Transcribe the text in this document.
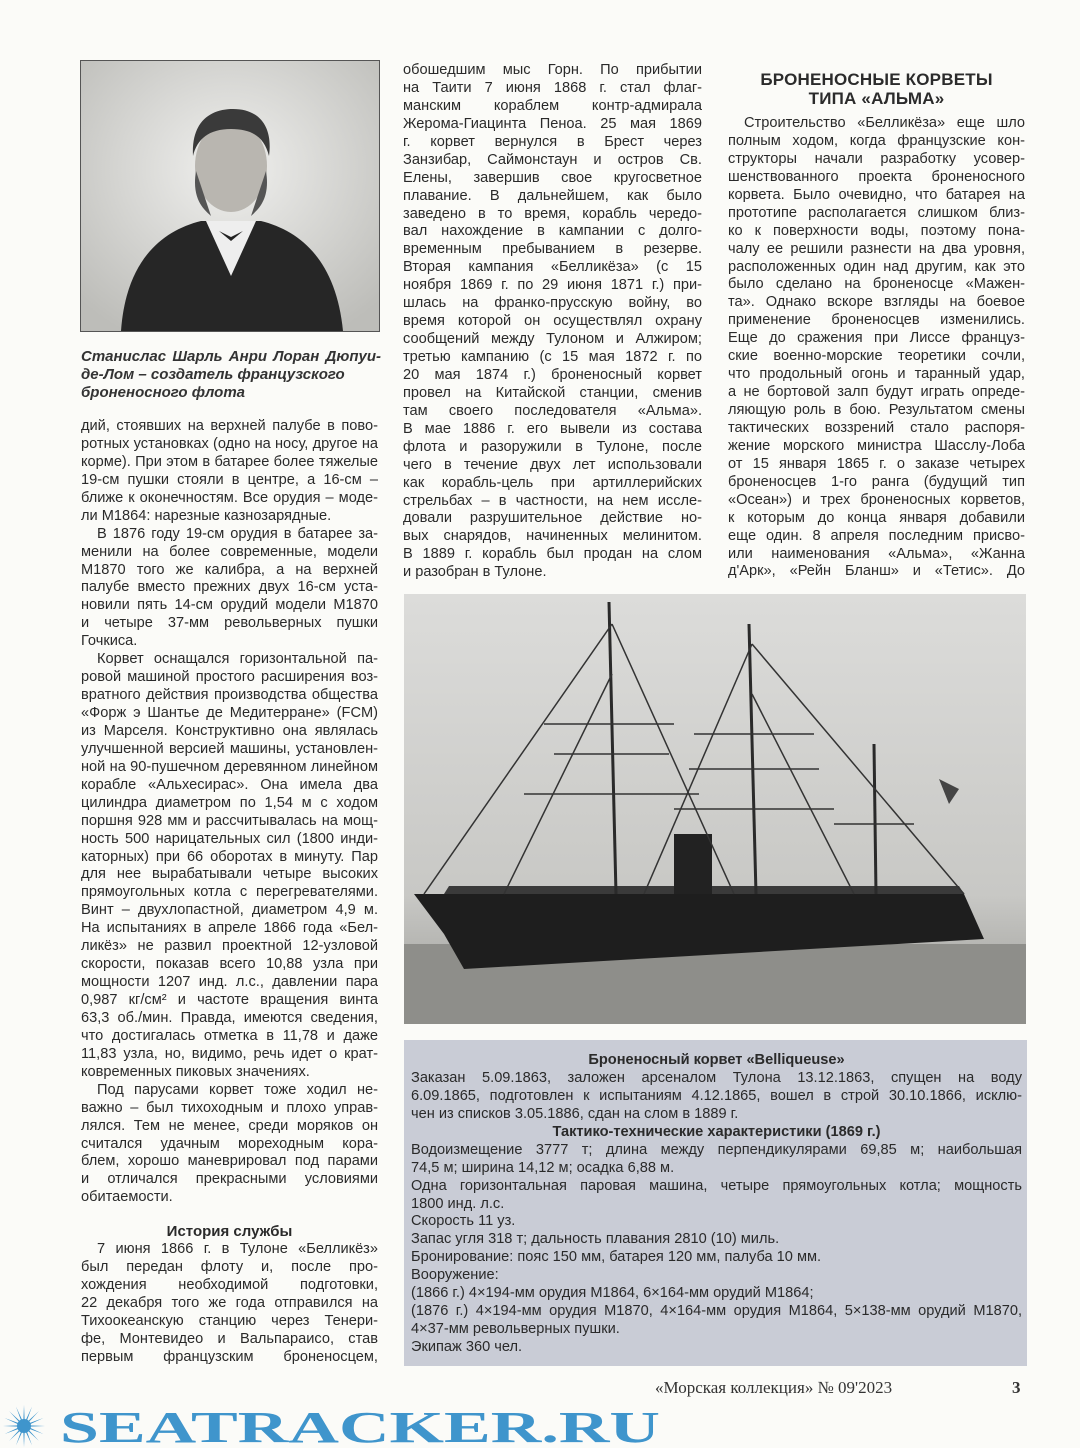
Станислас Шарль Анри Лоран Дюпуи-
де-Лом – создатель французского
броненосного флота
дий, стоявших на верхней палубе в пово-
ротных установках (одно на носу, другое на
корме). При этом в батарее более тяжелые
19-см пушки стояли в центре, а 16-см –
ближе к оконечностям. Все орудия – моде-
ли M1864: нарезные казнозарядные.
В 1876 году 19-см орудия в батарее за-
менили на более современные, модели
M1870 того же калибра, а на верхней
палубе вместо прежних двух 16-см уста-
новили пять 14-см орудий модели M1870
и четыре 37-мм револьверных пушки
Гочкиса.
Корвет оснащался горизонтальной па-
ровой машиной простого расширения воз-
вратного действия производства общества
«Форж э Шантье де Медитерране» (FCM)
из Марселя. Конструктивно она являлась
улучшенной версией машины, установлен-
ной на 90-пушечном деревянном линейном
корабле «Альхесирас». Она имела два
цилиндра диаметром по 1,54 м с ходом
поршня 928 мм и рассчитывалась на мощ-
ность 500 нарицательных сил (1800 инди-
каторных) при 66 оборотах в минуту. Пар
для нее вырабатывали четыре высоких
прямоугольных котла с перегревателями.
Винт – двухлопастной, диаметром 4,9 м.
На испытаниях в апреле 1866 года «Бел-
ликёз» не развил проектной 12-узловой
скорости, показав всего 10,88 узла при
мощности 1207 инд. л.с., давлении пара
0,987 кг/см² и частоте вращения винта
63,3 об./мин. Правда, имеются сведения,
что достигалась отметка в 11,78 и даже
11,83 узла, но, видимо, речь идет о крат-
ковременных пиковых значениях.
Под парусами корвет тоже ходил не-
важно – был тихоходным и плохо управ-
лялся. Тем не менее, среди моряков он
считался удачным мореходным кора-
блем, хорошо маневрировал под парами
и отличался прекрасными условиями
обитаемости.
История службы
7 июня 1866 г. в Тулоне «Белликёз»
был передан флоту и, после про-
хождения необходимой подготовки,
22 декабря того же года отправился на
Тихоокеанскую станцию через Тенери-
фе, Монтевидео и Вальпараисо, став
первым французским броненосцем,
обошедшим мыс Горн. По прибытии
на Таити 7 июня 1868 г. стал флаг-
манским кораблем контр-адмирала
Жерома-Гиацинта Пеноа. 25 мая 1869
г. корвет вернулся в Брест через
Занзибар, Саймонстаун и остров Св.
Елены, завершив свое кругосветное
плавание. В дальнейшем, как было
заведено в то время, корабль чередо-
вал нахождение в кампании с долго-
временным пребыванием в резерве.
Вторая кампания «Белликёза» (с 15
ноября 1869 г. по 29 июня 1871 г.) при-
шлась на франко-прусскую войну, во
время которой он осуществлял охрану
сообщений между Тулоном и Алжиром;
третью кампанию (с 15 мая 1872 г. по
20 мая 1874 г.) броненосный корвет
провел на Китайской станции, сменив
там своего последователя «Альма».
В мае 1886 г. его вывели из состава
флота и разоружили в Тулоне, после
чего в течение двух лет использовали
как корабль-цель при артиллерийских
стрельбах – в частности, на нем иссле-
довали разрушительное действие но-
вых снарядов, начиненных мелинитом.
В 1889 г. корабль был продан на слом
и разобран в Тулоне.
БРОНЕНОСНЫЕ КОРВЕТЫ
ТИПА «АЛЬМА»
Строительство «Белликёза» еще шло
полным ходом, когда французские кон-
структоры начали разработку усовер-
шенствованного проекта броненосного
корвета. Было очевидно, что батарея на
прототипе располагается слишком близ-
ко к поверхности воды, поэтому пона-
чалу ее решили разнести на два уровня,
расположенных один над другим, как это
было сделано на броненосце «Мажен-
та». Однако вскоре взгляды на боевое
применение броненосцев изменились.
Еще до сражения при Лиссе француз-
ские военно-морские теоретики сочли,
что продольный огонь и таранный удар,
а не бортовой залп будут играть опреде-
ляющую роль в бою. Результатом смены
тактических воззрений стало распоря-
жение морского министра Шасслу-Лоба
от 15 января 1865 г. о заказе четырех
броненосцев 1-го ранга (будущий тип
«Осеан») и трех броненосных корветов,
к которым до конца января добавили
еще один. 8 апреля последним присво-
или наименования «Альма», «Жанна
д'Арк», «Рейн Бланш» и «Тетис». До
Броненосный корвет «Belliqueuse»
Заказан 5.09.1863, заложен арсеналом Тулона 13.12.1863, спущен на воду
6.09.1865, подготовлен к испытаниям 4.12.1865, вошел в строй 30.10.1866, исклю-
чен из списков 3.05.1886, сдан на слом в 1889 г.
Тактико-технические характеристики (1869 г.)
Водоизмещение 3777 т; длина между перпендикулярами 69,85 м; наибольшая
74,5 м; ширина 14,12 м; осадка 6,88 м.
Одна горизонтальная паровая машина, четыре прямоугольных котла; мощность
1800 инд. л.с.
Скорость 11 уз.
Запас угля 318 т; дальность плавания 2810 (10) миль.
Бронирование: пояс 150 мм, батарея 120 мм, палуба 10 мм.
Вооружение:
(1866 г.) 4×194-мм орудия M1864, 6×164-мм орудий M1864;
(1876 г.) 4×194-мм орудия M1870, 4×164-мм орудия M1864, 5×138-мм орудий M1870,
4×37-мм револьверных пушки.
Экипаж 360 чел.
«Морская коллекция» № 09'2023	3
SEATRACKER.RU
